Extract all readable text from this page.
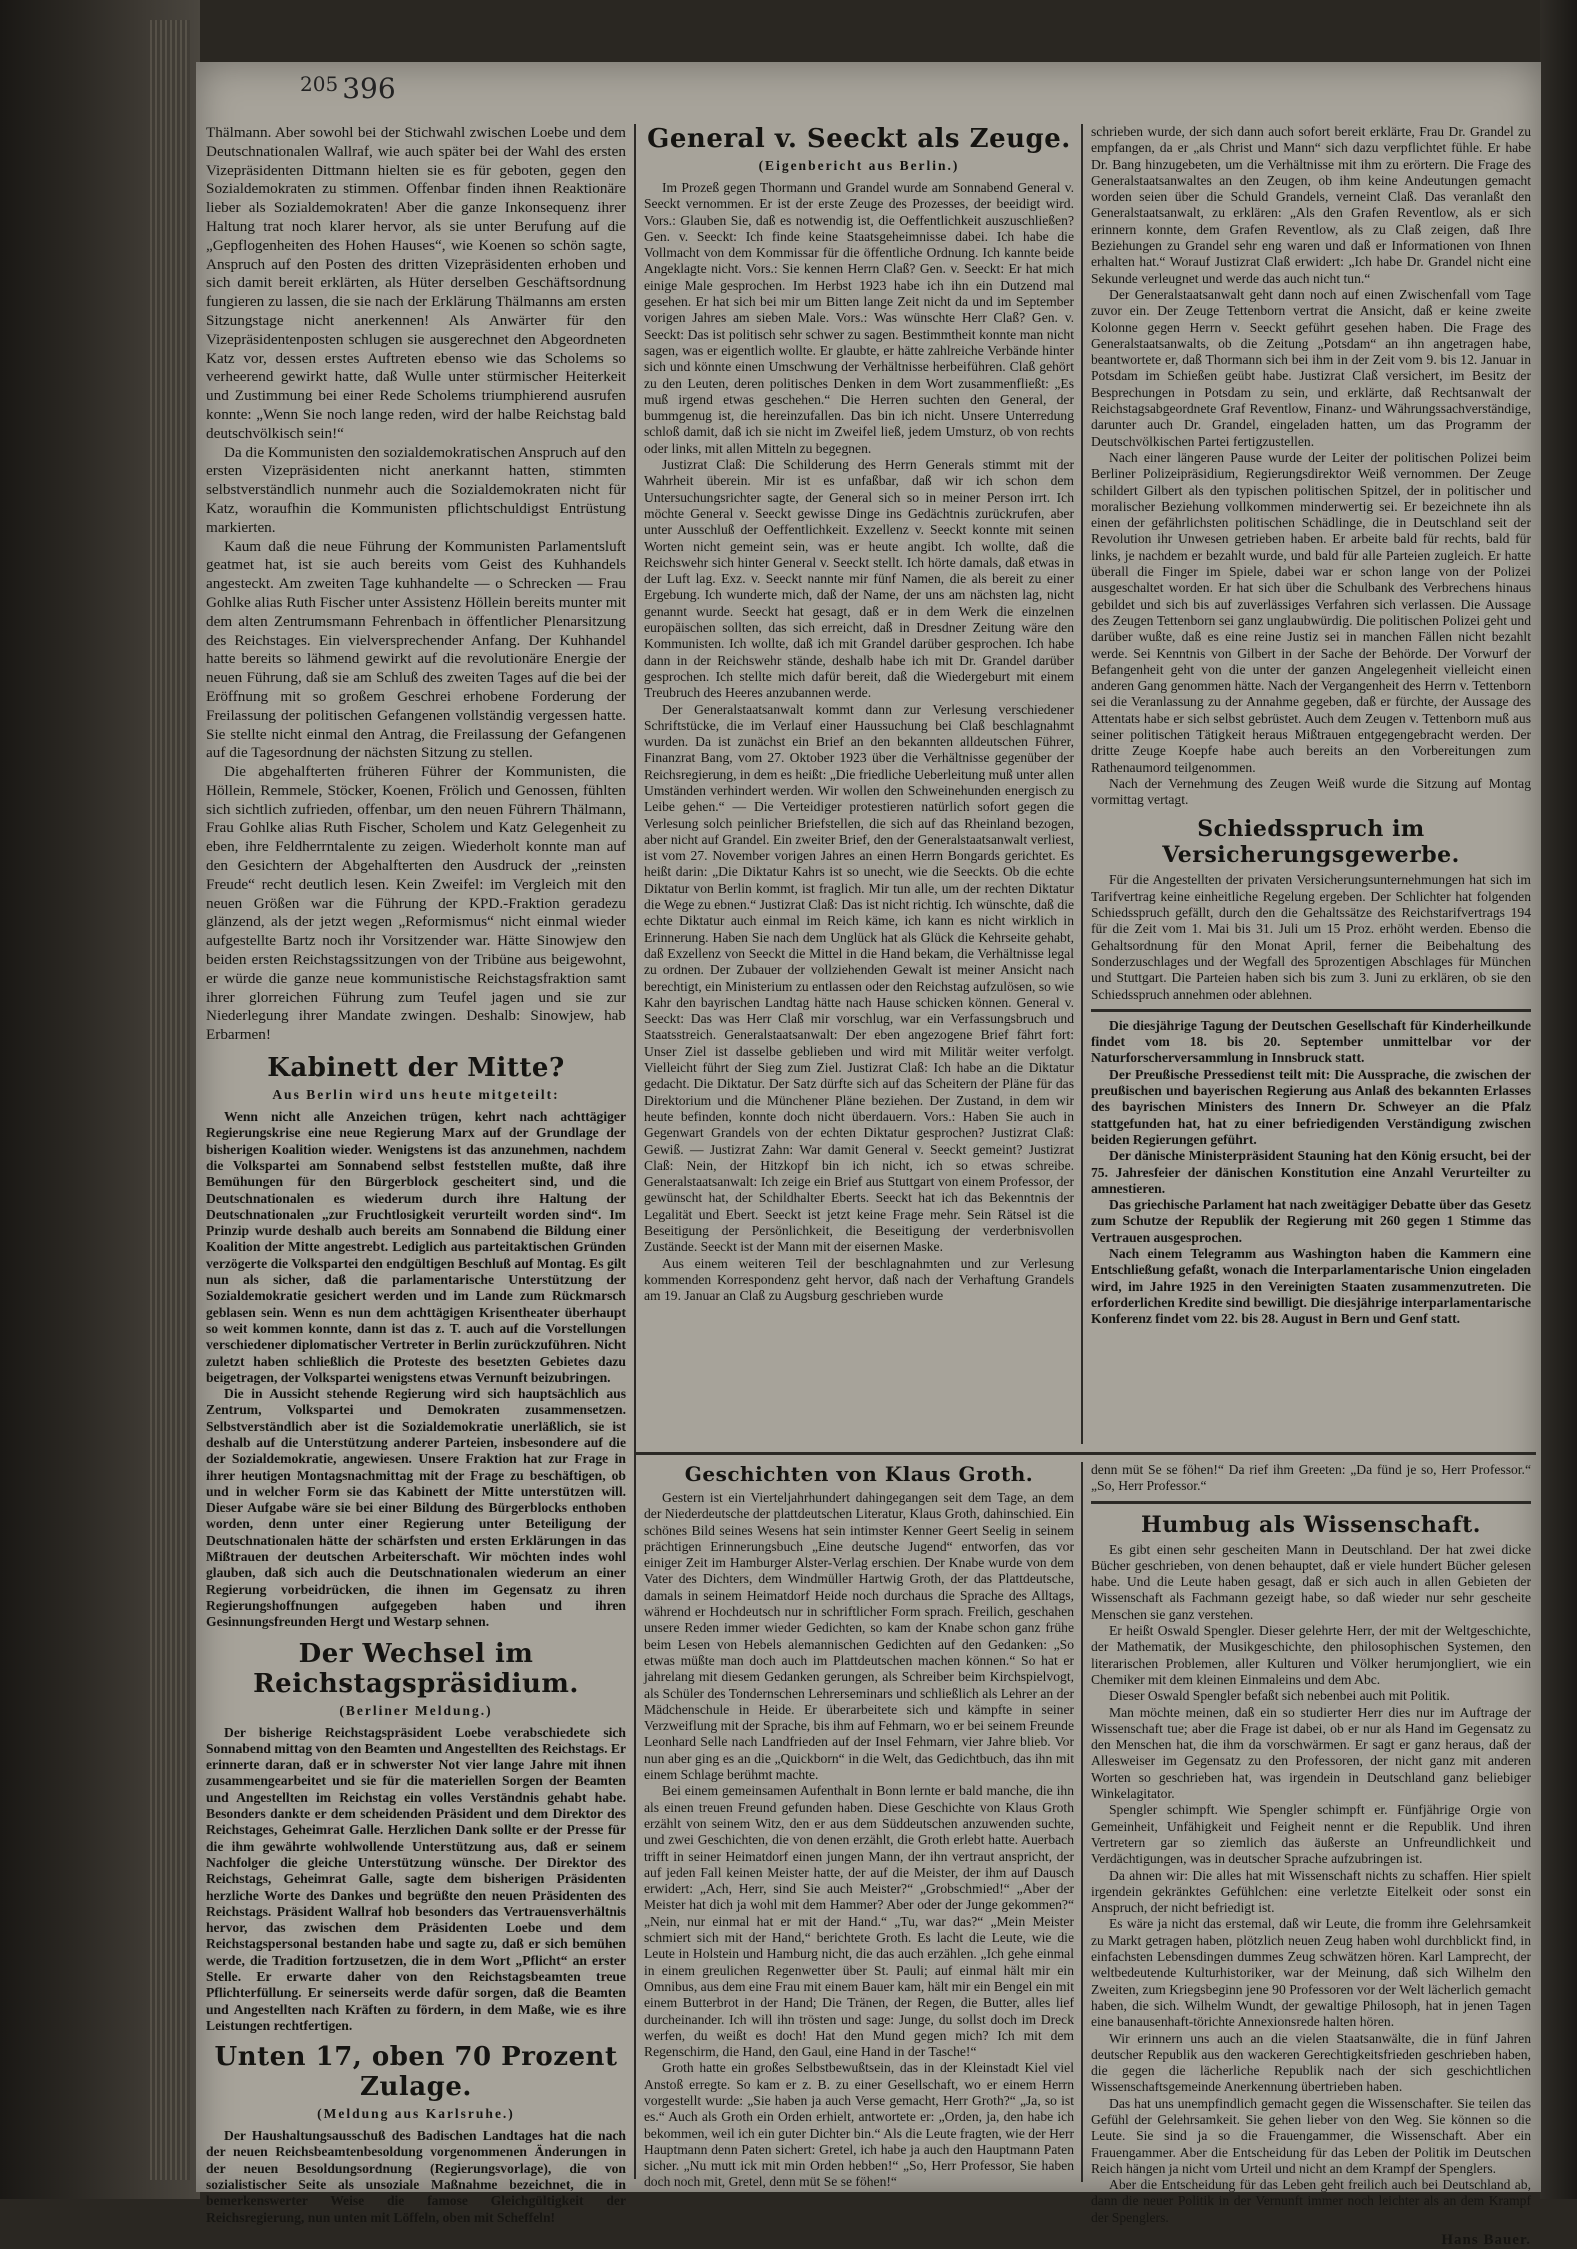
$^{205}$ 396

Thälmann. Aber sowohl bei der Stichwahl zwischen Loebe und dem Deutschnationalen Wallraf, wie auch später bei der Wahl des ersten Vizepräsidenten Dittmann hielten sie es für geboten, gegen den Sozialdemokraten zu stimmen. Offenbar finden ihnen Reaktionäre lieber als Sozialdemokraten! Aber die ganze Inkonsequenz ihrer Haltung trat noch klarer hervor, als sie unter Berufung auf die „Gepflogenheiten des Hohen Hauses“, wie Koenen so schön sagte, Anspruch auf den Posten des dritten Vizepräsidenten erhoben und sich damit bereit erklärten, als Hüter derselben Geschäftsordnung fungieren zu lassen, die sie nach der Erklärung Thälmanns am ersten Sitzungstage nicht anerkennen! Als Anwärter für den Vizepräsidentenposten schlugen sie ausgerechnet den Abgeordneten Katz vor, dessen erstes Auftreten ebenso wie das Scholems so verheerend gewirkt hatte, daß Wulle unter stürmischer Heiterkeit und Zustimmung bei einer Rede Scholems triumphierend ausrufen konnte: „Wenn Sie noch lange reden, wird der halbe Reichstag bald deutschvölkisch sein!“

Da die Kommunisten den sozialdemokratischen Anspruch auf den ersten Vizepräsidenten nicht anerkannt hatten, stimmten selbstverständlich nunmehr auch die Sozialdemokraten nicht für Katz, woraufhin die Kommunisten pflichtschuldigst Entrüstung markierten.

Kaum daß die neue Führung der Kommunisten Parlamentsluft geatmet hat, ist sie auch bereits vom Geist des Kuhhandels angesteckt. Am zweiten Tage kuhhandelte — o Schrecken — Frau Gohlke alias Ruth Fischer unter Assistenz Höllein bereits munter mit dem alten Zentrumsmann Fehrenbach in öffentlicher Plenarsitzung des Reichstages. Ein vielversprechender Anfang. Der Kuhhandel hatte bereits so lähmend gewirkt auf die revolutionäre Energie der neuen Führung, daß sie am Schluß des zweiten Tages auf die bei der Eröffnung mit so großem Geschrei erhobene Forderung der Freilassung der politischen Gefangenen vollständig vergessen hatte. Sie stellte nicht einmal den Antrag, die Freilassung der Gefangenen auf die Tagesordnung der nächsten Sitzung zu stellen.

Die abgehalfterten früheren Führer der Kommunisten, die Höllein, Remmele, Stöcker, Koenen, Frölich und Genossen, fühlten sich sichtlich zufrieden, offenbar, um den neuen Führern Thälmann, Frau Gohlke alias Ruth Fischer, Scholem und Katz Gelegenheit zu eben, ihre Feldherrntalente zu zeigen. Wiederholt konnte man auf den Gesichtern der Abgehalfterten den Ausdruck der „reinsten Freude“ recht deutlich lesen. Kein Zweifel: im Vergleich mit den neuen Größen war die Führung der KPD.-Fraktion geradezu glänzend, als der jetzt wegen „Reformismus“ nicht einmal wieder aufgestellte Bartz noch ihr Vorsitzender war. Hätte Sinowjew den beiden ersten Reichstagssitzungen von der Tribüne aus beigewohnt, er würde die ganze neue kommunistische Reichstagsfraktion samt ihrer glorreichen Führung zum Teufel jagen und sie zur Niederlegung ihrer Mandate zwingen. Deshalb: Sinowjew, hab Erbarmen!

Kabinett der Mitte?
Aus Berlin wird uns heute mitgeteilt:

Wenn nicht alle Anzeichen trügen, kehrt nach achttägiger Regierungskrise eine neue Regierung Marx auf der Grundlage der bisherigen Koalition wieder. Wenigstens ist das anzunehmen, nachdem die Volkspartei am Sonnabend selbst feststellen mußte, daß ihre Bemühungen für den Bürgerblock gescheitert sind, und die Deutschnationalen es wiederum durch ihre Haltung der Deutschnationalen „zur Fruchtlosigkeit verurteilt worden sind“. Im Prinzip wurde deshalb auch bereits am Sonnabend die Bildung einer Koalition der Mitte angestrebt. Lediglich aus parteitaktischen Gründen verzögerte die Volkspartei den endgültigen Beschluß auf Montag. Es gilt nun als sicher, daß die parlamentarische Unterstützung der Sozialdemokratie gesichert werden und im Lande zum Rückmarsch geblasen sein. Wenn es nun dem achttägigen Krisentheater überhaupt so weit kommen konnte, dann ist das z. T. auch auf die Vorstellungen verschiedener diplomatischer Vertreter in Berlin zurückzuführen. Nicht zuletzt haben schließlich die Proteste des besetzten Gebietes dazu beigetragen, der Volkspartei wenigstens etwas Vernunft beizubringen.

Die in Aussicht stehende Regierung wird sich hauptsächlich aus Zentrum, Volkspartei und Demokraten zusammensetzen. Selbstverständlich aber ist die Sozialdemokratie unerläßlich, sie ist deshalb auf die Unterstützung anderer Parteien, insbesondere auf die der Sozialdemokratie, angewiesen. Unsere Fraktion hat zur Frage in ihrer heutigen Montagsnachmittag mit der Frage zu beschäftigen, ob und in welcher Form sie das Kabinett der Mitte unterstützen will. Dieser Aufgabe wäre sie bei einer Bildung des Bürgerblocks enthoben worden, denn unter einer Regierung unter Beteiligung der Deutschnationalen hätte der schärfsten und ersten Erklärungen in das Mißtrauen der deutschen Arbeiterschaft. Wir möchten indes wohl glauben, daß sich auch die Deutschnationalen wiederum an einer Regierung vorbeidrücken, die ihnen im Gegensatz zu ihren Regierungshoffnungen aufgegeben haben und ihren Gesinnungsfreunden Hergt und Westarp sehnen.

Der Wechsel im Reichstagspräsidium.
(Berliner Meldung.)

Der bisherige Reichstagspräsident Loebe verabschiedete sich Sonnabend mittag von den Beamten und Angestellten des Reichstags. Er erinnerte daran, daß er in schwerster Not vier lange Jahre mit ihnen zusammengearbeitet und sie für die materiellen Sorgen der Beamten und Angestellten im Reichstag ein volles Verständnis gehabt habe. Besonders dankte er dem scheidenden Präsident und dem Direktor des Reichstages, Geheimrat Galle. Herzlichen Dank sollte er der Presse für die ihm gewährte wohlwollende Unterstützung aus, daß er seinem Nachfolger die gleiche Unterstützung wünsche. Der Direktor des Reichstags, Geheimrat Galle, sagte dem bisherigen Präsidenten herzliche Worte des Dankes und begrüßte den neuen Präsidenten des Reichstags. Präsident Wallraf hob besonders das Vertrauensverhältnis hervor, das zwischen dem Präsidenten Loebe und dem Reichstagspersonal bestanden habe und sagte zu, daß er sich bemühen werde, die Tradition fortzusetzen, die in dem Wort „Pflicht“ an erster Stelle. Er erwarte daher von den Reichstagsbeamten treue Pflichterfüllung. Er seinerseits werde dafür sorgen, daß die Beamten und Angestellten nach Kräften zu fördern, in dem Maße, wie es ihre Leistungen rechtfertigen.

Unten 17, oben 70 Prozent Zulage.
(Meldung aus Karlsruhe.)

Der Haushaltungsausschuß des Badischen Landtages hat die nach der neuen Reichsbeamtenbesoldung vorgenommenen Änderungen in der neuen Besoldungsordnung (Regierungsvorlage), die von sozialistischer Seite als unsoziale Maßnahme bezeichnet, die in bemerkenswerter Weise die famose Gleichgültigkeit der Reichsregierung, nun unten mit Löffeln, oben mit Scheffeln!

General v. Seeckt als Zeuge.
(Eigenbericht aus Berlin.)

Im Prozeß gegen Thormann und Grandel wurde am Sonnabend General v. Seeckt vernommen. Er ist der erste Zeuge des Prozesses, der beeidigt wird. Vors.: Glauben Sie, daß es notwendig ist, die Oeffentlichkeit auszuschließen? Gen. v. Seeckt: Ich finde keine Staatsgeheimnisse dabei. Ich habe die Vollmacht von dem Kommissar für die öffentliche Ordnung. Ich kannte beide Angeklagte nicht. Vors.: Sie kennen Herrn Claß? Gen. v. Seeckt: Er hat mich einige Male gesprochen. Im Herbst 1923 habe ich ihn ein Dutzend mal gesehen. Er hat sich bei mir um Bitten lange Zeit nicht da und im September vorigen Jahres am sieben Male. Vors.: Was wünschte Herr Claß? Gen. v. Seeckt: Das ist politisch sehr schwer zu sagen. Bestimmtheit konnte man nicht sagen, was er eigentlich wollte. Er glaubte, er hätte zahlreiche Verbände hinter sich und könnte einen Umschwung der Verhältnisse herbeiführen. Claß gehört zu den Leuten, deren politisches Denken in dem Wort zusammenfließt: „Es muß irgend etwas geschehen.“ Die Herren suchten den General, der bummgenug ist, die hereinzufallen. Das bin ich nicht. Unsere Unterredung schloß damit, daß ich sie nicht im Zweifel ließ, jedem Umsturz, ob von rechts oder links, mit allen Mitteln zu begegnen.

Justizrat Claß: Die Schilderung des Herrn Generals stimmt mit der Wahrheit überein. Mir ist es unfaßbar, daß wir ich schon dem Untersuchungsrichter sagte, der General sich so in meiner Person irrt. Ich möchte General v. Seeckt gewisse Dinge ins Gedächtnis zurückrufen, aber unter Ausschluß der Oeffentlichkeit. Exzellenz v. Seeckt konnte mit seinen Worten nicht gemeint sein, was er heute angibt. Ich wollte, daß die Reichswehr sich hinter General v. Seeckt stellt. Ich hörte damals, daß etwas in der Luft lag. Exz. v. Seeckt nannte mir fünf Namen, die als bereit zu einer Ergebung. Ich wunderte mich, daß der Name, der uns am nächsten lag, nicht genannt wurde. Seeckt hat gesagt, daß er in dem Werk die einzelnen europäischen sollten, das sich erreicht, daß in Dresdner Zeitung wäre den Kommunisten. Ich wollte, daß ich mit Grandel darüber gesprochen. Ich habe dann in der Reichswehr stände, deshalb habe ich mit Dr. Grandel darüber gesprochen. Ich stellte mich dafür bereit, daß die Wiedergeburt mit einem Treubruch des Heeres anzubannen werde.

Der Generalstaatsanwalt kommt dann zur Verlesung verschiedener Schriftstücke, die im Verlauf einer Haussuchung bei Claß beschlagnahmt wurden. Da ist zunächst ein Brief an den bekannten alldeutschen Führer, Finanzrat Bang, vom 27. Oktober 1923 über die Verhältnisse gegenüber der Reichsregierung, in dem es heißt: „Die friedliche Ueberleitung muß unter allen Umständen verhindert werden. Wir wollen den Schweinehunden energisch zu Leibe gehen.“ — Die Verteidiger protestieren natürlich sofort gegen die Verlesung solch peinlicher Briefstellen, die sich auf das Rheinland bezogen, aber nicht auf Grandel. Ein zweiter Brief, den der Generalstaatsanwalt verliest, ist vom 27. November vorigen Jahres an einen Herrn Bongards gerichtet. Es heißt darin: „Die Diktatur Kahrs ist so unecht, wie die Seeckts. Ob die echte Diktatur von Berlin kommt, ist fraglich. Mir tun alle, um der rechten Diktatur die Wege zu ebnen.“ Justizrat Claß: Das ist nicht richtig. Ich wünschte, daß die echte Diktatur auch einmal im Reich käme, ich kann es nicht wirklich in Erinnerung. Haben Sie nach dem Unglück hat als Glück die Kehrseite gehabt, daß Exzellenz von Seeckt die Mittel in die Hand bekam, die Verhältnisse legal zu ordnen. Der Zubauer der vollziehenden Gewalt ist meiner Ansicht nach berechtigt, ein Ministerium zu entlassen oder den Reichstag aufzulösen, so wie Kahr den bayrischen Landtag hätte nach Hause schicken können. General v. Seeckt: Das was Herr Claß mir vorschlug, war ein Verfassungsbruch und Staatsstreich. Generalstaatsanwalt: Der eben angezogene Brief fährt fort: Unser Ziel ist dasselbe geblieben und wird mit Militär weiter verfolgt. Vielleicht führt der Sieg zum Ziel. Justizrat Claß: Ich habe an die Diktatur gedacht. Die Diktatur. Der Satz dürfte sich auf das Scheitern der Pläne für das Direktorium und die Münchener Pläne beziehen. Der Zustand, in dem wir heute befinden, konnte doch nicht überdauern. Vors.: Haben Sie auch in Gegenwart Grandels von der echten Diktatur gesprochen? Justizrat Claß: Gewiß. — Justizrat Zahn: War damit General v. Seeckt gemeint? Justizrat Claß: Nein, der Hitzkopf bin ich nicht, ich so etwas schreibe. Generalstaatsanwalt: Ich zeige ein Brief aus Stuttgart von einem Professor, der gewünscht hat, der Schildhalter Eberts. Seeckt hat ich das Bekenntnis der Legalität und Ebert. Seeckt ist jetzt keine Frage mehr. Sein Rätsel ist die Beseitigung der Persönlichkeit, die Beseitigung der verderbnisvollen Zustände. Seeckt ist der Mann mit der eisernen Maske.

Aus einem weiteren Teil der beschlagnahmten und zur Verlesung kommenden Korrespondenz geht hervor, daß nach der Verhaftung Grandels am 19. Januar an Claß zu Augsburg geschrieben wurde

schrieben wurde, der sich dann auch sofort bereit erklärte, Frau Dr. Grandel zu empfangen, da er „als Christ und Mann“ sich dazu verpflichtet fühle. Er habe Dr. Bang hinzugebeten, um die Verhältnisse mit ihm zu erörtern. Die Frage des Generalstaatsanwaltes an den Zeugen, ob ihm keine Andeutungen gemacht worden seien über die Schuld Grandels, verneint Claß. Das veranlaßt den Generalstaatsanwalt, zu erklären: „Als den Grafen Reventlow, als er sich erinnern konnte, dem Grafen Reventlow, als zu Claß zeigen, daß Ihre Beziehungen zu Grandel sehr eng waren und daß er Informationen von Ihnen erhalten hat.“ Worauf Justizrat Claß erwidert: „Ich habe Dr. Grandel nicht eine Sekunde verleugnet und werde das auch nicht tun.“

Der Generalstaatsanwalt geht dann noch auf einen Zwischenfall vom Tage zuvor ein. Der Zeuge Tettenborn vertrat die Ansicht, daß er keine zweite Kolonne gegen Herrn v. Seeckt geführt gesehen haben. Die Frage des Generalstaatsanwalts, ob die Zeitung „Potsdam“ an ihn angetragen habe, beantwortete er, daß Thormann sich bei ihm in der Zeit vom 9. bis 12. Januar in Potsdam im Schießen geübt habe. Justizrat Claß versichert, im Besitz der Besprechungen in Potsdam zu sein, und erklärte, daß Rechtsanwalt der Reichstagsabgeordnete Graf Reventlow, Finanz- und Währungssachverständige, darunter auch Dr. Grandel, eingeladen hatten, um das Programm der Deutschvölkischen Partei fertigzustellen.

Nach einer längeren Pause wurde der Leiter der politischen Polizei beim Berliner Polizeipräsidium, Regierungsdirektor Weiß vernommen. Der Zeuge schildert Gilbert als den typischen politischen Spitzel, der in politischer und moralischer Beziehung vollkommen minderwertig sei. Er bezeichnete ihn als einen der gefährlichsten politischen Schädlinge, die in Deutschland seit der Revolution ihr Unwesen getrieben haben. Er arbeite bald für rechts, bald für links, je nachdem er bezahlt wurde, und bald für alle Parteien zugleich. Er hatte überall die Finger im Spiele, dabei war er schon lange von der Polizei ausgeschaltet worden. Er hat sich über die Schulbank des Verbrechens hinaus gebildet und sich bis auf zuverlässiges Verfahren sich verlassen. Die Aussage des Zeugen Tettenborn sei ganz unglaubwürdig. Die politischen Polizei geht und darüber wußte, daß es eine reine Justiz sei in manchen Fällen nicht bezahlt werde. Sei Kenntnis von Gilbert in der Sache der Behörde. Der Vorwurf der Befangenheit geht von die unter der ganzen Angelegenheit vielleicht einen anderen Gang genommen hätte. Nach der Vergangenheit des Herrn v. Tettenborn sei die Veranlassung zu der Annahme gegeben, daß er fürchte, der Aussage des Attentats habe er sich selbst gebrüstet. Auch dem Zeugen v. Tettenborn muß aus seiner politischen Tätigkeit heraus Mißtrauen entgegengebracht werden. Der dritte Zeuge Koepfe habe auch bereits an den Vorbereitungen zum Rathenaumord teilgenommen.

Nach der Vernehmung des Zeugen Weiß wurde die Sitzung auf Montag vormittag vertagt.

Schiedsspruch im Versicherungsgewerbe.

Für die Angestellten der privaten Versicherungsunternehmungen hat sich im Tarifvertrag keine einheitliche Regelung ergeben. Der Schlichter hat folgenden Schiedsspruch gefällt, durch den die Gehaltssätze des Reichstarifvertrags 194 für die Zeit vom 1. Mai bis 31. Juli um 15 Proz. erhöht werden. Ebenso die Gehaltsordnung für den Monat April, ferner die Beibehaltung des Sonderzuschlages und der Wegfall des 5prozentigen Abschlages für München und Stuttgart. Die Parteien haben sich bis zum 3. Juni zu erklären, ob sie den Schiedsspruch annehmen oder ablehnen.

Die diesjährige Tagung der Deutschen Gesellschaft für Kinderheilkunde findet vom 18. bis 20. September unmittelbar vor der Naturforscherversammlung in Innsbruck statt.

Der Preußische Pressedienst teilt mit: Die Aussprache, die zwischen der preußischen und bayerischen Regierung aus Anlaß des bekannten Erlasses des bayrischen Ministers des Innern Dr. Schweyer an die Pfalz stattgefunden hat, hat zu einer befriedigenden Verständigung zwischen beiden Regierungen geführt.

Der dänische Ministerpräsident Stauning hat den König ersucht, bei der 75. Jahresfeier der dänischen Konstitution eine Anzahl Verurteilter zu amnestieren.

Das griechische Parlament hat nach zweitägiger Debatte über das Gesetz zum Schutze der Republik der Regierung mit 260 gegen 1 Stimme das Vertrauen ausgesprochen.

Nach einem Telegramm aus Washington haben die Kammern eine Entschließung gefaßt, wonach die Interparlamentarische Union eingeladen wird, im Jahre 1925 in den Vereinigten Staaten zusammenzutreten. Die erforderlichen Kredite sind bewilligt. Die diesjährige interparlamentarische Konferenz findet vom 22. bis 28. August in Bern und Genf statt.

Geschichten von Klaus Groth.

Gestern ist ein Vierteljahrhundert dahingegangen seit dem Tage, an dem der Niederdeutsche der plattdeutschen Literatur, Klaus Groth, dahinschied. Ein schönes Bild seines Wesens hat sein intimster Kenner Geert Seelig in seinem prächtigen Erinnerungsbuch „Eine deutsche Jugend“ entworfen, das vor einiger Zeit im Hamburger Alster-Verlag erschien. Der Knabe wurde von dem Vater des Dichters, dem Windmüller Hartwig Groth, der das Plattdeutsche, damals in seinem Heimatdorf Heide noch durchaus die Sprache des Alltags, während er Hochdeutsch nur in schriftlicher Form sprach. Freilich, geschahen unsere Reden immer wieder Gedichten, so kam der Knabe schon ganz frühe beim Lesen von Hebels alemannischen Gedichten auf den Gedanken: „So etwas müßte man doch auch im Plattdeutschen machen können.“ So hat er jahrelang mit diesem Gedanken gerungen, als Schreiber beim Kirchspielvogt, als Schüler des Tondernschen Lehrerseminars und schließlich als Lehrer an der Mädchenschule in Heide. Er überarbeitete sich und kämpfte in seiner Verzweiflung mit der Sprache, bis ihm auf Fehmarn, wo er bei seinem Freunde Leonhard Selle nach Landfrieden auf der Insel Fehmarn, vier Jahre blieb. Vor nun aber ging es an die „Quickborn“ in die Welt, das Gedichtbuch, das ihn mit einem Schlage berühmt machte.

Bei einem gemeinsamen Aufenthalt in Bonn lernte er bald manche, die ihn als einen treuen Freund gefunden haben. Diese Geschichte von Klaus Groth erzählt von seinem Witz, den er aus dem Süddeutschen anzuwenden suchte, und zwei Geschichten, die von denen erzählt, die Groth erlebt hatte. Auerbach trifft in seiner Heimatdorf einen jungen Mann, der ihn vertraut anspricht, der auf jeden Fall keinen Meister hatte, der auf die Meister, der ihm auf Dausch erwidert: „Ach, Herr, sind Sie auch Meister?“ „Grobschmied!“ „Aber der Meister hat dich ja wohl mit dem Hammer? Aber oder der Junge gekommen?“ „Nein, nur einmal hat er mit der Hand.“ „Tu, war das?“ „Mein Meister schmiert sich mit der Hand,“ berichtete Groth. Es lacht die Leute, wie die Leute in Holstein und Hamburg nicht, die das auch erzählen. „Ich gehe einmal in einem greulichen Regenwetter über St. Pauli; auf einmal hält mir ein Omnibus, aus dem eine Frau mit einem Bauer kam, hält mir ein Bengel ein mit einem Butterbrot in der Hand; Die Tränen, der Regen, die Butter, alles lief durcheinander. Ich will ihn trösten und sage: Junge, du sollst doch im Dreck werfen, du weißt es doch! Hat den Mund gegen mich? Ich mit dem Regenschirm, die Hand, den Gaul, eine Hand in der Tasche!“

Groth hatte ein großes Selbstbewußtsein, das in der Kleinstadt Kiel viel Anstoß erregte. So kam er z. B. zu einer Gesellschaft, wo er einem Herrn vorgestellt wurde: „Sie haben ja auch Verse gemacht, Herr Groth?“ „Ja, so ist es.“ Auch als Groth ein Orden erhielt, antwortete er: „Orden, ja, den habe ich bekommen, weil ich ein guter Dichter bin.“ Als die Leute fragten, wie der Herr Hauptmann denn Paten sichert: Gretel, ich habe ja auch den Hauptmann Paten sicher. „Nu mutt ick mit min Orden hebben!“ „So, Herr Professor, Sie haben doch noch mit, Gretel, denn müt Se se föhen!“

denn müt Se se föhen!“ Da rief ihm Greeten: „Da fünd je so, Herr Professor.“ „So, Herr Professor.“

Humbug als Wissenschaft.

Es gibt einen sehr gescheiten Mann in Deutschland. Der hat zwei dicke Bücher geschrieben, von denen behauptet, daß er viele hundert Bücher gelesen habe. Und die Leute haben gesagt, daß er sich auch in allen Gebieten der Wissenschaft als Fachmann gezeigt habe, so daß wieder nur sehr gescheite Menschen sie ganz verstehen.

Er heißt Oswald Spengler. Dieser gelehrte Herr, der mit der Weltgeschichte, der Mathematik, der Musikgeschichte, den philosophischen Systemen, den literarischen Problemen, aller Kulturen und Völker herumjongliert, wie ein Chemiker mit dem kleinen Einmaleins und dem Abc.

Dieser Oswald Spengler befaßt sich nebenbei auch mit Politik.

Man möchte meinen, daß ein so studierter Herr dies nur im Auftrage der Wissenschaft tue; aber die Frage ist dabei, ob er nur als Hand im Gegensatz zu den Menschen hat, die ihm da vorschwärmen. Er sagt er ganz heraus, daß der Allesweiser im Gegensatz zu den Professoren, der nicht ganz mit anderen Worten so geschrieben hat, was irgendein in Deutschland ganz beliebiger Winkelagitator.

Spengler schimpft. Wie Spengler schimpft er. Fünfjährige Orgie von Gemeinheit, Unfähigkeit und Feigheit nennt er die Republik. Und ihren Vertretern gar so ziemlich das äußerste an Unfreundlichkeit und Verdächtigungen, was in deutscher Sprache aufzubringen ist.

Da ahnen wir: Die alles hat mit Wissenschaft nichts zu schaffen. Hier spielt irgendein gekränktes Gefühlchen: eine verletzte Eitelkeit oder sonst ein Anspruch, der nicht befriedigt ist.

Es wäre ja nicht das erstemal, daß wir Leute, die fromm ihre Gelehrsamkeit zu Markt getragen haben, plötzlich neuen Zeug haben wohl durchblickt find, in einfachsten Lebensdingen dummes Zeug schwätzen hören. Karl Lamprecht, der weltbedeutende Kulturhistoriker, war der Meinung, daß sich Wilhelm den Zweiten, zum Kriegsbeginn jene 90 Professoren vor der Welt lächerlich gemacht haben, die sich. Wilhelm Wundt, der gewaltige Philosoph, hat in jenen Tagen eine banausenhaft-törichte Annexionsrede halten hören.

Wir erinnern uns auch an die vielen Staatsanwälte, die in fünf Jahren deutscher Republik aus den wackeren Gerechtigkeitsfrieden geschrieben haben, die gegen die lächerliche Republik nach der sich geschichtlichen Wissenschaftsgemeinde Anerkennung übertrieben haben.

Das hat uns unempfindlich gemacht gegen die Wissenschafter. Sie teilen das Gefühl der Gelehrsamkeit. Sie gehen lieber von den Weg. Sie können so die Leute. Sie sind ja so die Frauengammer, die Wissenschaft. Aber ein Frauengammer. Aber die Entscheidung für das Leben der Politik im Deutschen Reich hängen ja nicht vom Urteil und nicht an dem Krampf der Spenglers.

Aber die Entscheidung für das Leben geht freilich auch bei Deutschland ab, dann die neuer Politik in der Vernunft immer noch leichter als an dem Krampf der Spenglers.

Hans Bauer.
